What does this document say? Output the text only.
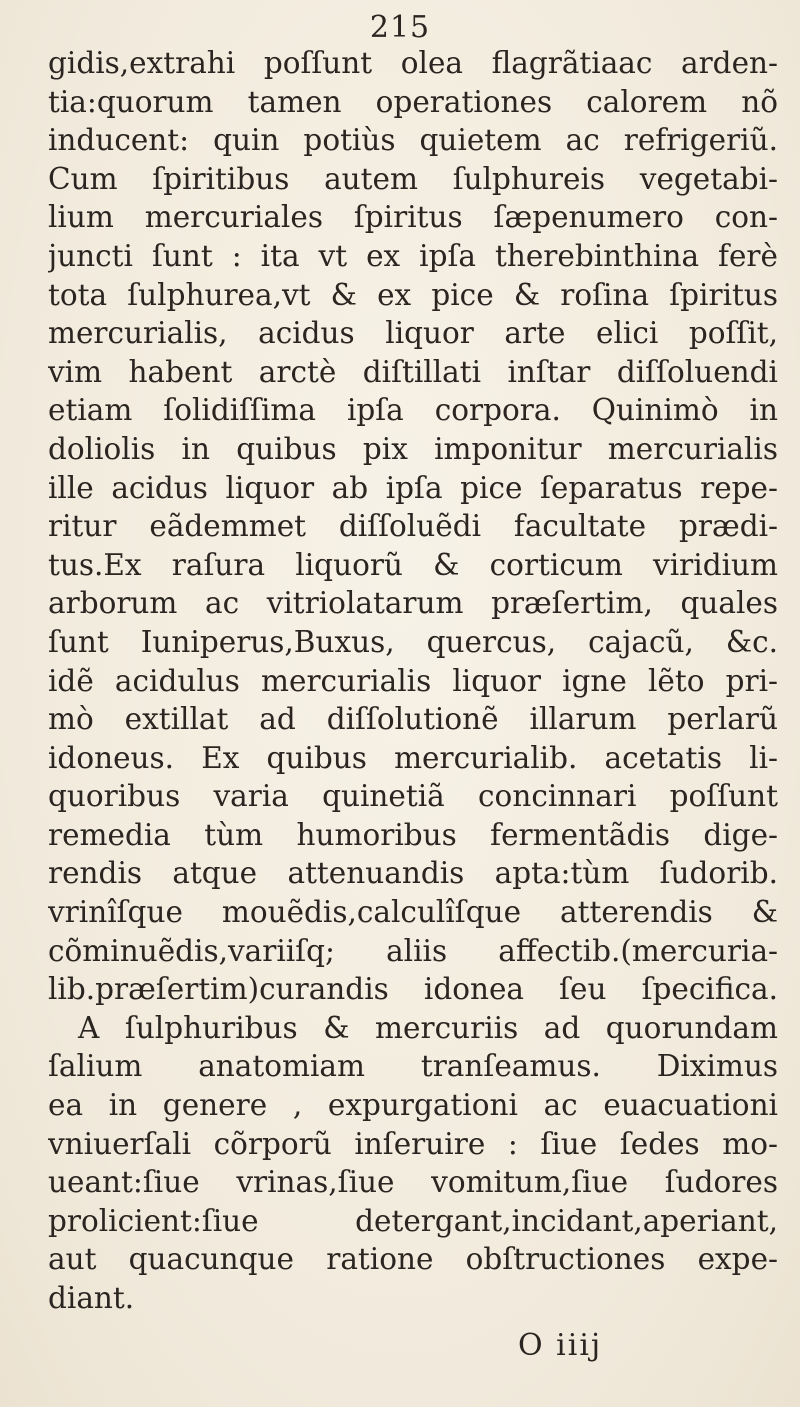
215
gidis,extrahi poſſunt olea flagrãtiaac arden-
tia:quorum tamen operationes calorem nõ
inducent: quin potiùs quietem ac refrigeriũ.
Cum ſpiritibus autem ſulphureis vegetabi-
lium mercuriales ſpiritus ſæpenumero con-
juncti ſunt : ita vt ex ipſa therebinthina ferè
tota ſulphurea,vt & ex pice & roſina ſpiritus
mercurialis, acidus liquor arte elici poſſit,
vim habent arctè diſtillati inſtar diſſoluendi
etiam ſolidiſſima ipſa corpora. Quinimò in
doliolis in quibus pix imponitur mercurialis
ille acidus liquor ab ipſa pice ſeparatus repe-
ritur eãdemmet diſſoluẽdi facultate prædi-
tus.Ex raſura liquorũ & corticum viridium
arborum ac vitriolatarum præſertim, quales
ſunt Iuniperus,Buxus, quercus, cajacũ, &c.
idẽ acidulus mercurialis liquor igne lẽto pri-
mò extillat ad diſſolutionẽ illarum perlarũ
idoneus. Ex quibus mercurialib. acetatis li-
quoribus varia quinetiã concinnari poſſunt
remedia tùm humoribus fermentãdis dige-
rendis atque attenuandis apta:tùm ſudorib.
vrinîſque mouẽdis,calculîſque atterendis &
cõminuẽdis,variiſq; aliis affectib.(mercuria-
lib.præſertim)curandis idonea ſeu ſpecifica.
A ſulphuribus & mercuriis ad quorundam
ſalium anatomiam tranſeamus. Diximus
ea in genere , expurgationi ac euacuationi
vniuerſali cõrporũ inſeruire : ſiue ſedes mo-
ueant:ſiue vrinas,ſiue vomitum,ſiue ſudores
prolicient:ſiue detergant,incidant,aperiant,
aut quacunque ratione obſtructiones expe-
diant.
O iiij
